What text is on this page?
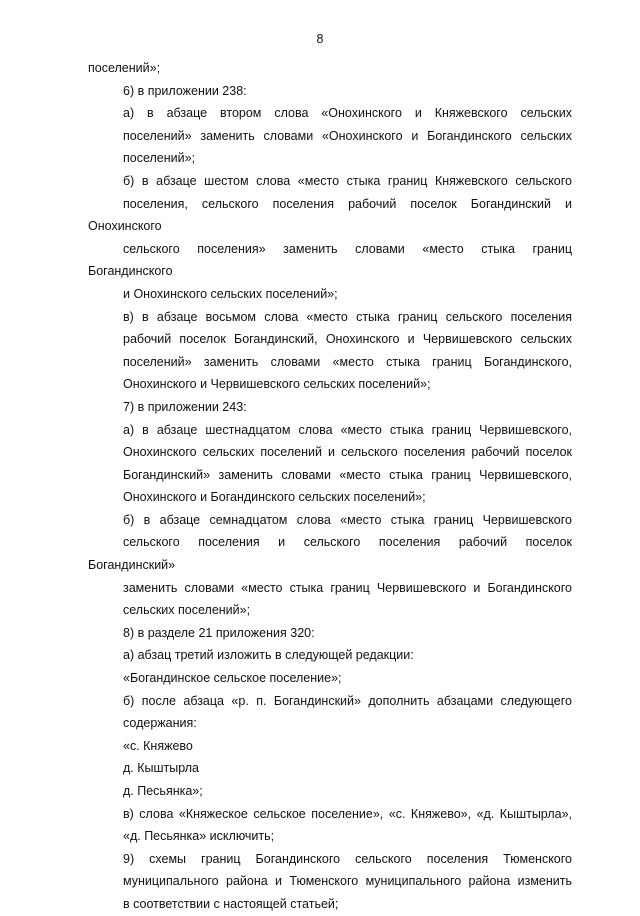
8

поселений»;

6) в приложении 238:

а) в абзаце втором слова «Онохинского и Княжевского сельских
поселений» заменить словами «Онохинского и Богандинского сельских
поселений»;

б) в абзаце шестом слова «место стыка границ Княжевского сельского
поселения, сельского поселения рабочий поселок Богандинский и Онохинского
сельского поселения» заменить словами «место стыка границ Богандинского
и Онохинского сельских поселений»;

в) в абзаце восьмом слова «место стыка границ сельского поселения
рабочий поселок Богандинский, Онохинского и Червишевского сельских
поселений» заменить словами «место стыка границ Богандинского,
Онохинского и Червишевского сельских поселений»;

7) в приложении 243:

а) в абзаце шестнадцатом слова «место стыка границ Червишевского,
Онохинского сельских поселений и сельского поселения рабочий поселок
Богандинский» заменить словами «место стыка границ Червишевского,
Онохинского и Богандинского сельских поселений»;

б) в абзаце семнадцатом слова «место стыка границ Червишевского
сельского поселения и сельского поселения рабочий поселок Богандинский»
заменить словами «место стыка границ Червишевского и Богандинского
сельских поселений»;

8) в разделе 21 приложения 320:

а) абзац третий изложить в следующей редакции:

«Богандинское сельское поселение»;

б) после абзаца «р. п. Богандинский» дополнить абзацами следующего
содержания:

«с. Княжево

д. Кыштырла

д. Песьянка»;

в) слова «Княжеское сельское поселение», «с. Княжево», «д. Кыштырла»,
«д. Песьянка» исключить;

9) схемы границ Богандинского сельского поселения Тюменского
муниципального района и Тюменского муниципального района изменить
в соответствии с настоящей статьей;
